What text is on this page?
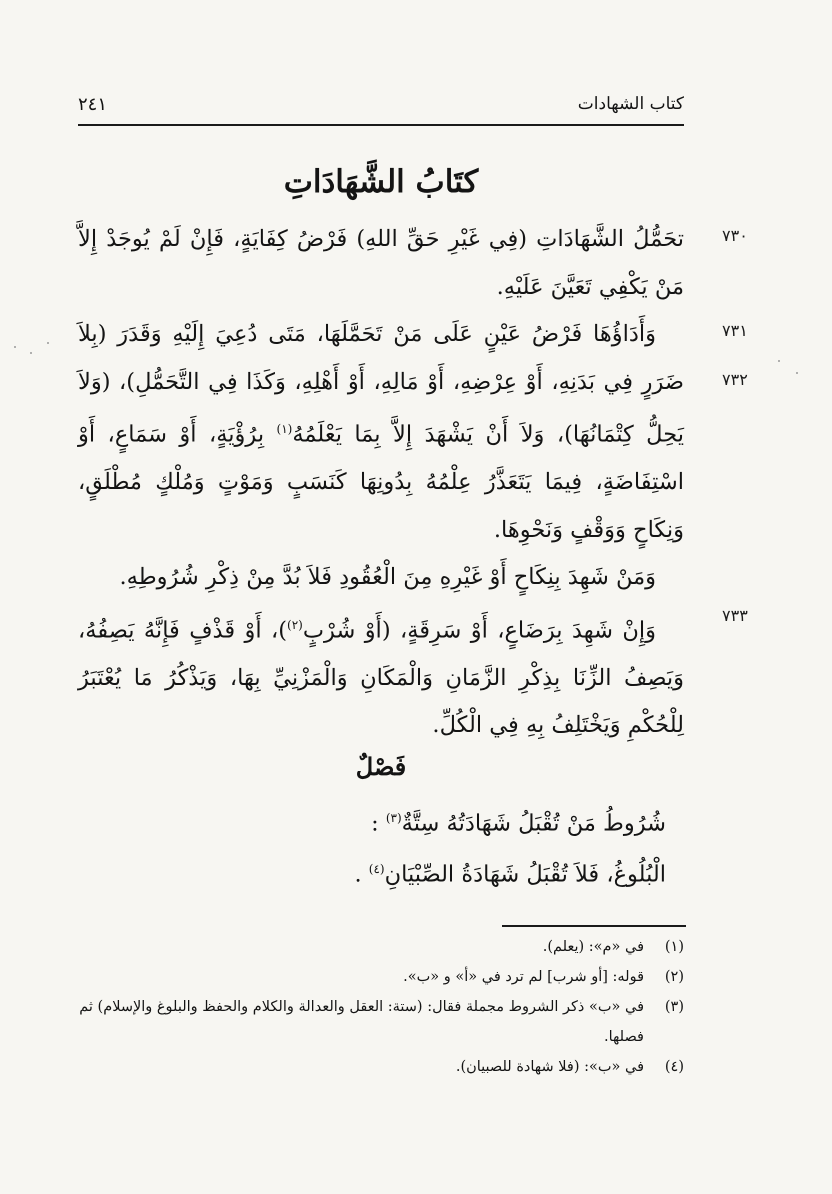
كتاب الشهادات
٢٤١
كتَابُ الشَّهَادَاتِ
٧٣٠
٧٣١
٧٣٢
٧٣٣

تحَمُّلُ الشَّهَادَاتِ (فِي غَيْرِ حَقِّ اللهِ) فَرْضُ كِفَايَةٍ، فَإِنْ لَمْ يُوجَدْ إِلاَّ مَنْ يَكْفِي تَعَيَّنَ عَلَيْهِ.

وَأَدَاؤُهَا فَرْضُ عَيْنٍ عَلَى مَنْ تَحَمَّلَهَا، مَتَى دُعِيَ إِلَيْهِ وَقَدَرَ (بِلاَ ضَرَرٍ فِي بَدَنِهِ، أَوْ عِرْضِهِ، أَوْ مَالِهِ، أَوْ أَهْلِهِ، وَكَذَا فِي التَّحَمُّلِ)، (وَلاَ يَحِلُّ كِتْمَانُهَا)، وَلاَ أَنْ يَشْهَدَ إِلاَّ بِمَا يَعْلَمُهُ$^{(١)}$ بِرُؤْيَةٍ، أَوْ سَمَاعٍ، أَوْ اسْتِفَاضَةٍ، فِيمَا يَتَعَذَّرُ عِلْمُهُ بِدُونِهَا كَنَسَبٍ وَمَوْتٍ وَمُلْكٍ مُطْلَقٍ، وَنِكَاحٍ وَوَقْفٍ وَنَحْوِهَا.

وَمَنْ شَهِدَ بِنِكَاحٍ أَوْ غَيْرِهِ مِنَ الْعُقُودِ فَلاَ بُدَّ مِنْ ذِكْرِ شُرُوطِهِ.

وَإِنْ شَهِدَ بِرَضَاعٍ، أَوْ سَرِقَةٍ، (أَوْ شُرْبٍ$^{(٢)}$)، أَوْ قَذْفٍ فَإِنَّهُ يَصِفُهُ، وَيَصِفُ الزِّنَا بِذِكْرِ الزَّمَانِ وَالْمَكَانِ وَالْمَزْنِيِّ بِهَا، وَيَذْكُرُ مَا يُعْتَبَرُ لِلْحُكْمِ وَيَخْتَلِفُ بِهِ فِي الْكُلِّ.

فَصْلٌ

شُرُوطُ مَنْ تُقْبَلُ شَهَادَتُهُ سِتَّةٌ$^{(٣)}$ :

الْبُلُوغُ، فَلاَ تُقْبَلُ شَهَادَةُ الصِّبْيَانِ$^{(٤)}$ .

(١)
في «م»: (يعلم).
(٢)
قوله: [أو شرب] لم ترد في «أ» و «ب».
(٣)
في «ب» ذكر الشروط مجملة فقال: (ستة: العقل والعدالة والكلام والحفظ والبلوغ والإسلام) ثم فصلها.
(٤)
في «ب»: (فلا شهادة للصبيان).
